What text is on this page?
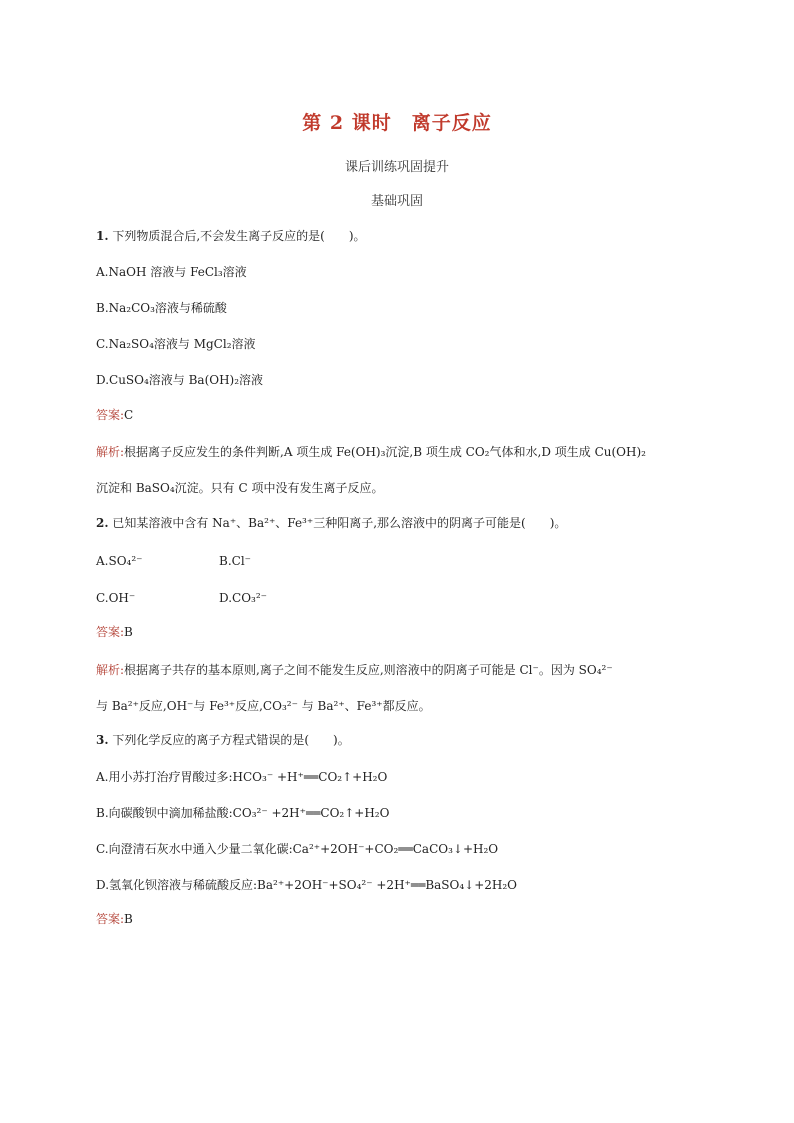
第 2 课时　离子反应
课后训练巩固提升
基础巩固
1. 下列物质混合后,不会发生离子反应的是(　　)。
A.NaOH 溶液与 FeCl₃溶液
B.Na₂CO₃溶液与稀硫酸
C.Na₂SO₄溶液与 MgCl₂溶液
D.CuSO₄溶液与 Ba(OH)₂溶液
答案:C
解析:根据离子反应发生的条件判断,A 项生成 Fe(OH)₃沉淀,B 项生成 CO₂气体和水,D 项生成 Cu(OH)₂
沉淀和 BaSO₄沉淀。只有 C 项中没有发生离子反应。
2. 已知某溶液中含有 Na⁺、Ba²⁺、Fe³⁺三种阳离子,那么溶液中的阴离子可能是(　　)。
A.SO₄²⁻	B.Cl⁻
C.OH⁻	D.CO₃²⁻
答案:B
解析:根据离子共存的基本原则,离子之间不能发生反应,则溶液中的阴离子可能是 Cl⁻。因为 SO₄²⁻
与 Ba²⁺反应,OH⁻与 Fe³⁺反应,CO₃²⁻ 与 Ba²⁺、Fe³⁺都反应。
3. 下列化学反应的离子方程式错误的是(　　)。
A.用小苏打治疗胃酸过多:HCO₃⁻ +H⁺══CO₂↑+H₂O
B.向碳酸钡中滴加稀盐酸:CO₃²⁻ +2H⁺══CO₂↑+H₂O
C.向澄清石灰水中通入少量二氧化碳:Ca²⁺+2OH⁻+CO₂══CaCO₃↓+H₂O
D.氢氧化钡溶液与稀硫酸反应:Ba²⁺+2OH⁻+SO₄²⁻ +2H⁺══BaSO₄↓+2H₂O
答案:B
